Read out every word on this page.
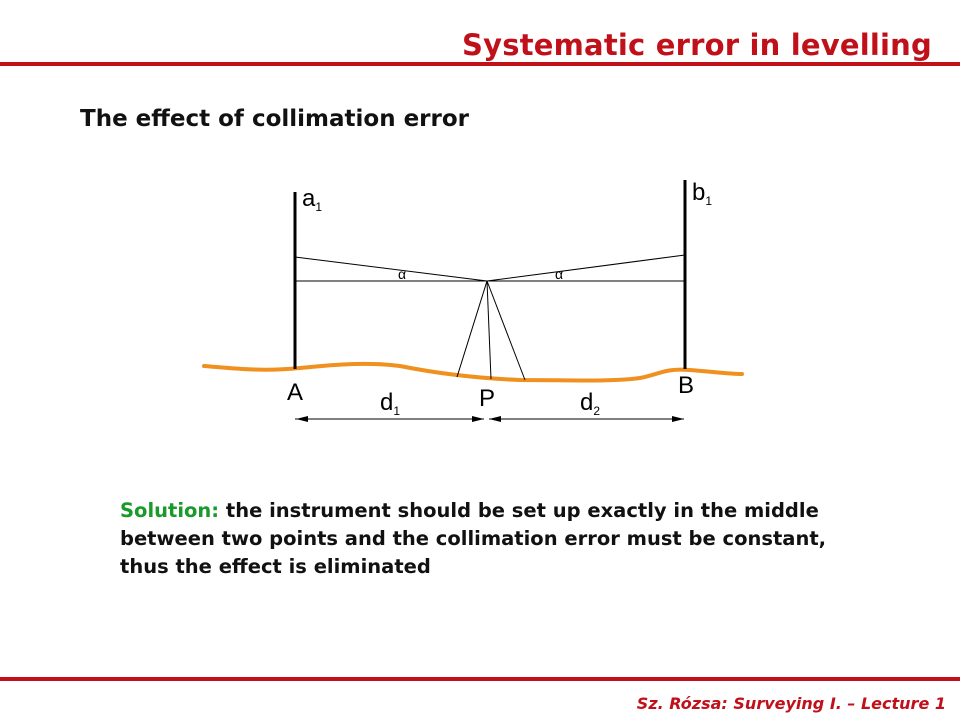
Systematic error in levelling
The effect of collimation error
α	α
$a_1$
$b_1$
A	B
P
$d_1$	$d_2$
Solution: the instrument should be set up exactly in the middle between two points and the collimation error must be constant, thus the effect is eliminated
Sz. Rózsa: Surveying I. – Lecture 1
